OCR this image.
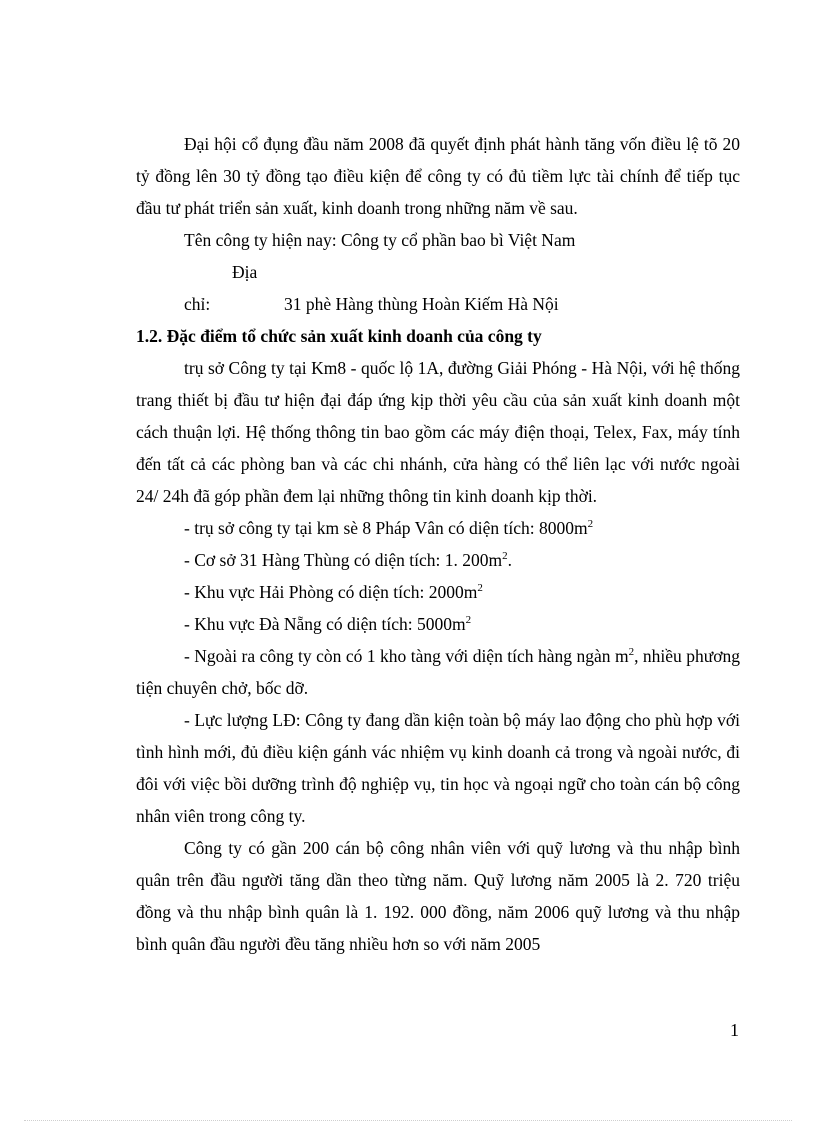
Đại hội cổ đụng đầu năm 2008 đã quyết định phát hành tăng vốn điều lệ tõ 20 tỷ đồng lên 30 tỷ đồng tạo điều kiện để công ty có đủ tiềm lực tài chính để tiếp tục đầu tư phát triển sản xuất, kinh doanh trong những năm về sau.

Tên công ty hiện nay: Công ty cổ phần bao bì Việt Nam

Địa chỉ:	31 phè Hàng thùng Hoàn Kiếm Hà Nội

1.2. Đặc điểm tổ chức sản xuất kinh doanh của công ty

trụ sở Công ty tại Km8 - quốc lộ 1A, đường Giải Phóng - Hà Nội, với hệ thống trang thiết bị đầu tư hiện đại đáp ứng kịp thời yêu cầu của sản xuất kinh doanh một cách thuận lợi. Hệ thống thông tin bao gồm các máy điện thoại, Telex, Fax, máy tính đến tất cả các phòng ban và các chi nhánh, cửa hàng có thể liên lạc với nước ngoài 24/ 24h đã góp phần đem lại những thông tin kinh doanh kịp thời.

- trụ sở công ty tại km sè 8 Pháp Vân có diện tích: $8000m^2$

- Cơ sở 31 Hàng Thùng có diện tích: 1. $200m^2$.

- Khu vực Hải Phòng có diện tích: $2000m^2$

- Khu vực Đà Nẵng có diện tích: $5000m^2$

- Ngoài ra công ty còn có 1 kho tàng với diện tích hàng ngàn $m^2$, nhiều phương tiện chuyên chở, bốc dỡ.

- Lực lượng LĐ: Công ty đang dần kiện toàn bộ máy lao động cho phù hợp với tình hình mới, đủ điều kiện gánh vác nhiệm vụ kinh doanh cả trong và ngoài nước, đi đôi với việc bồi dưỡng trình độ nghiệp vụ, tin học và ngoại ngữ cho toàn cán bộ công nhân viên trong công ty.

Công ty có gần 200 cán bộ công nhân viên với quỹ lương và thu nhập bình quân trên đầu người tăng dần theo từng năm. Quỹ lương năm 2005 là 2. 720 triệu đồng và thu nhập bình quân là 1. 192. 000 đồng, năm 2006 quỹ lương và thu nhập bình quân đầu người đều tăng nhiều hơn so với năm 2005

1
